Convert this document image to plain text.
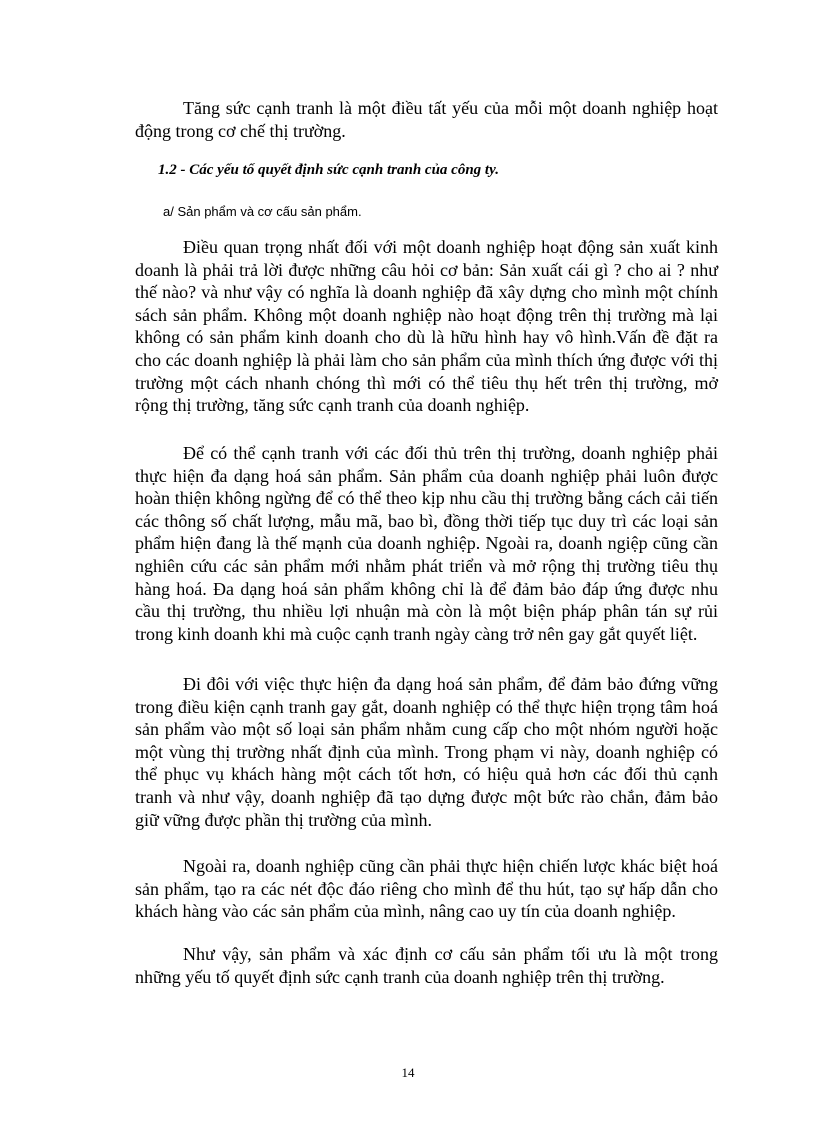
Tăng sức cạnh tranh là một điều tất yếu của mỗi một doanh nghiệp hoạt động trong cơ chế thị trường.

1.2 - Các yếu tố quyết định sức cạnh tranh của công ty.

a/ Sản phẩm và cơ cấu sản phẩm.

Điều quan trọng nhất đối với một doanh nghiệp hoạt động sản xuất kinh doanh là phải trả lời được những câu hỏi cơ bản: Sản xuất cái gì ? cho ai ? như thế nào? và như vậy có nghĩa là doanh nghiệp đã xây dựng cho mình một chính sách sản phẩm. Không một doanh nghiệp nào hoạt động trên thị trường mà lại không có sản phẩm kinh doanh cho dù là hữu hình hay vô hình.Vấn đề đặt ra cho các doanh nghiệp là phải làm cho sản phẩm của mình thích ứng được với thị trường một cách nhanh chóng thì mới có thể tiêu thụ hết trên thị trường, mở rộng thị trường, tăng sức cạnh tranh của doanh nghiệp.

Để có thể cạnh tranh với các đối thủ trên thị trường, doanh nghiệp phải thực hiện đa dạng hoá sản phẩm. Sản phẩm của doanh nghiệp phải luôn được hoàn thiện không ngừng để có thể theo kịp nhu cầu thị trường bằng cách cải tiến các thông số chất lượng, mẫu mã, bao bì, đồng thời tiếp tục duy trì các loại sản phẩm hiện đang là thế mạnh của doanh nghiệp. Ngoài ra, doanh ngiệp cũng cần nghiên cứu các sản phẩm mới nhằm phát triển và mở rộng thị trường tiêu thụ hàng hoá. Đa dạng hoá sản phẩm không chỉ là để đảm bảo đáp ứng được nhu cầu thị trường, thu nhiều lợi nhuận mà còn là một biện pháp phân tán sự rủi trong kinh doanh khi mà cuộc cạnh tranh ngày càng trở nên gay gắt quyết liệt.

Đi đôi với việc thực hiện đa dạng hoá sản phẩm, để đảm bảo đứng vững trong điều kiện cạnh tranh gay gắt, doanh nghiệp có thể thực hiện trọng tâm hoá sản phẩm vào một số loại sản phẩm nhằm cung cấp cho một nhóm người hoặc một vùng thị trường nhất định của mình. Trong phạm vi này, doanh nghiệp có thể phục vụ khách hàng một cách tốt hơn, có hiệu quả hơn các đối thủ cạnh tranh và như vậy, doanh nghiệp đã tạo dựng được một bức rào chắn, đảm bảo giữ vững được phần thị trường của mình.

Ngoài ra, doanh nghiệp cũng cần phải thực hiện chiến lược khác biệt hoá sản phẩm, tạo ra các nét độc đáo riêng cho mình để thu hút, tạo sự hấp dẫn cho khách hàng vào các sản phẩm của mình, nâng cao uy tín của doanh nghiệp.

Như vậy, sản phẩm và xác định cơ cấu sản phẩm tối ưu là một trong những yếu tố quyết định sức cạnh tranh của doanh nghiệp trên thị trường.

14
